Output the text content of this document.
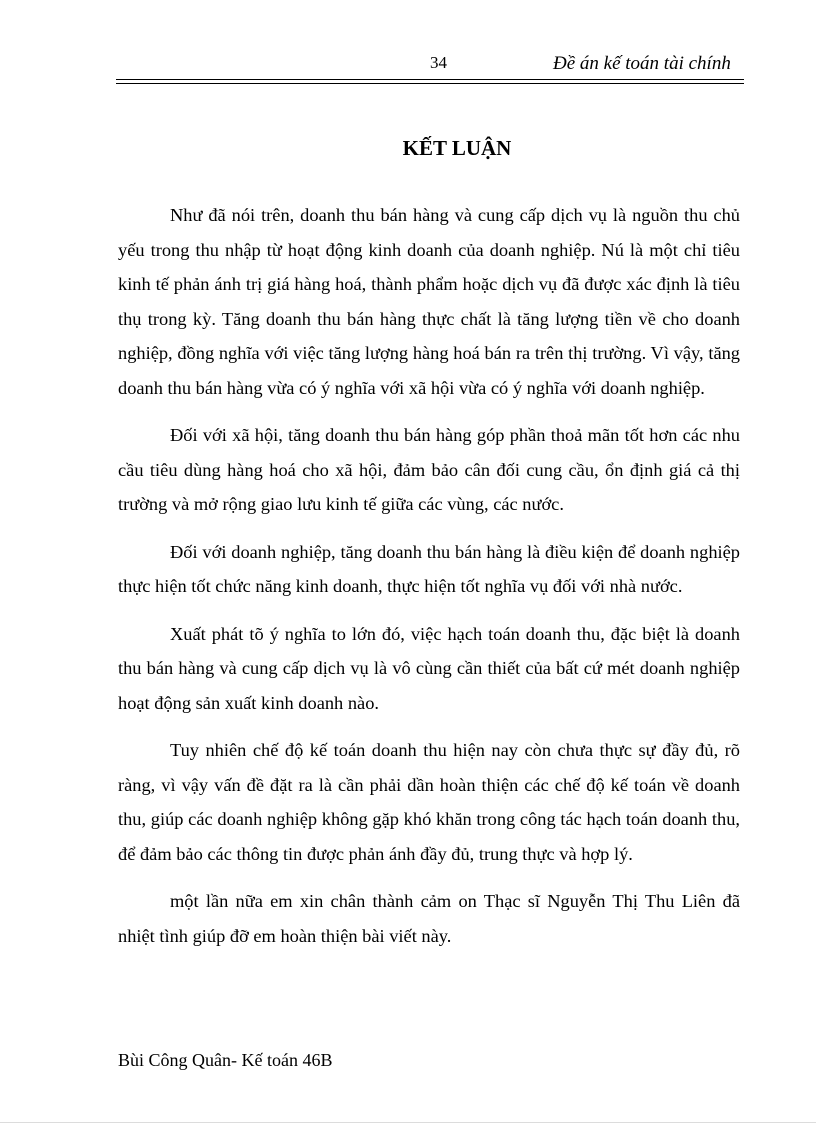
34	Đề án kế toán tài chính
KẾT LUẬN

Như đã nói trên, doanh thu bán hàng và cung cấp dịch vụ là nguồn thu chủ yếu trong thu nhập từ hoạt động kinh doanh của doanh nghiệp. Nú là một chỉ tiêu kinh tế phản ánh trị giá hàng hoá, thành phẩm hoặc dịch vụ đã được xác định là tiêu thụ trong kỳ. Tăng doanh thu bán hàng thực chất là tăng lượng tiền về cho doanh nghiệp, đồng nghĩa với việc tăng lượng hàng hoá bán ra trên thị trường. Vì vậy, tăng doanh thu bán hàng vừa có ý nghĩa với xã hội vừa có ý nghĩa với doanh nghiệp.

Đối với xã hội, tăng doanh thu bán hàng góp phần thoả mãn tốt hơn các nhu cầu tiêu dùng hàng hoá cho xã hội, đảm bảo cân đối cung cầu, ổn định giá cả thị trường và mở rộng giao lưu kinh tế giữa các vùng, các nước.

Đối với doanh nghiệp, tăng doanh thu bán hàng là điều kiện để doanh nghiệp thực hiện tốt chức năng kinh doanh, thực hiện tốt nghĩa vụ đối với nhà nước.

Xuất phát tõ ý nghĩa to lớn đó, việc hạch toán doanh thu, đặc biệt là doanh thu bán hàng và cung cấp dịch vụ là vô cùng cần thiết của bất cứ mét doanh nghiệp hoạt động sản xuất kinh doanh nào.

Tuy nhiên chế độ kế toán doanh thu hiện nay còn chưa thực sự đầy đủ, rõ ràng, vì vậy vấn đề đặt ra là cần phải dần hoàn thiện các chế độ kế toán về doanh thu, giúp các doanh nghiệp không gặp khó khăn trong công tác hạch toán doanh thu, để đảm bảo các thông tin được phản ánh đầy đủ, trung thực và hợp lý.

một lần nữa em xin chân thành cảm on Thạc sĩ Nguyễn Thị Thu Liên đã nhiệt tình giúp đỡ em hoàn thiện bài viết này.

Bùi Công Quân- Kế toán 46B
